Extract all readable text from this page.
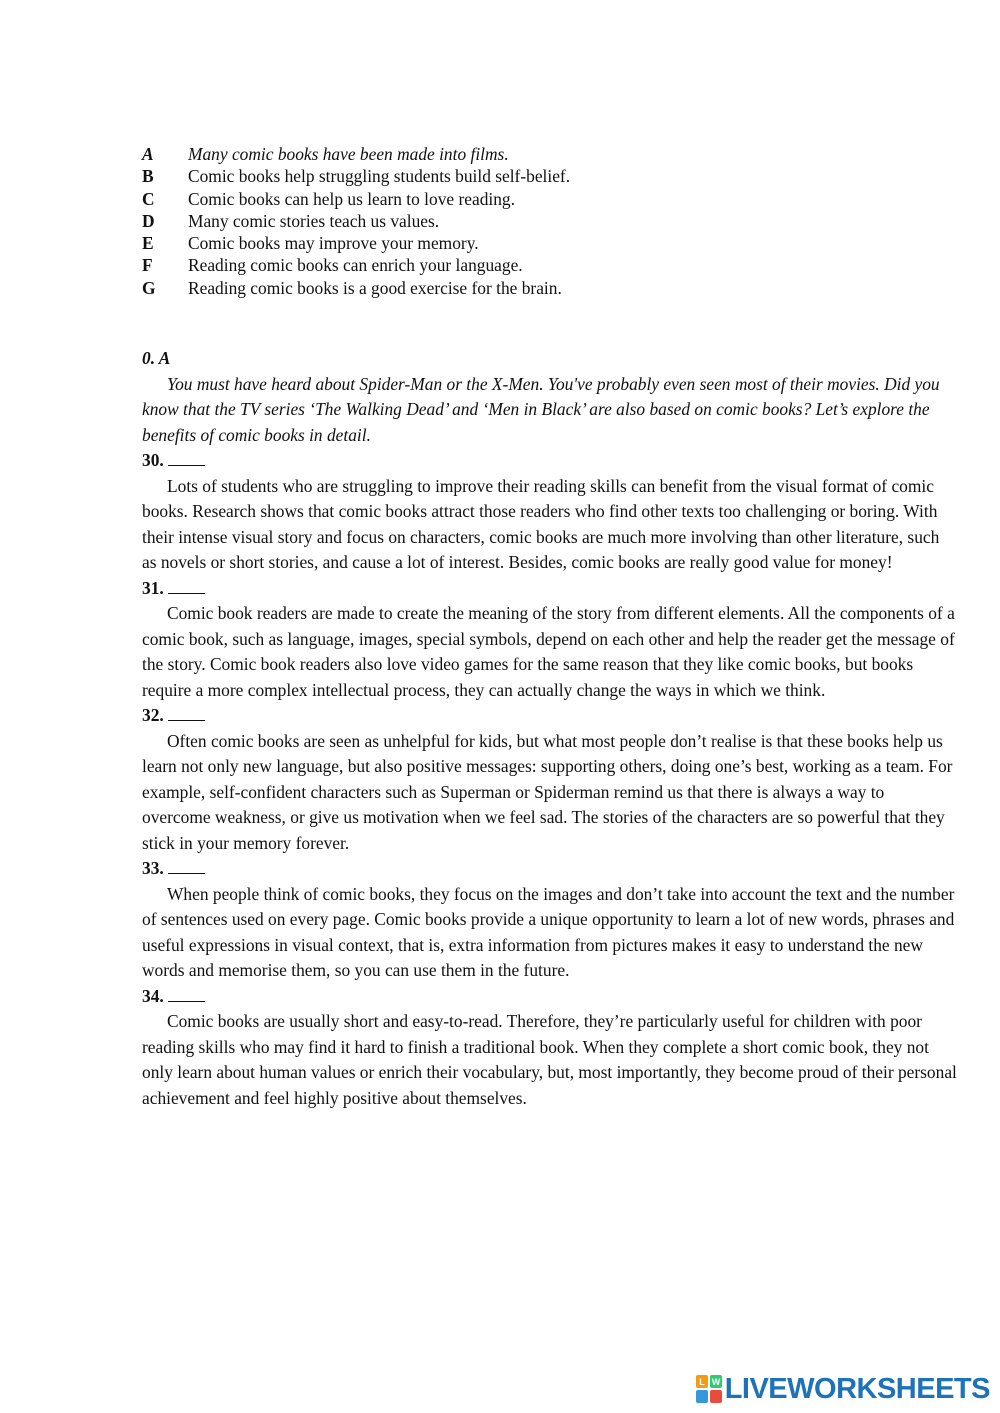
A	Many comic books have been made into films.
B	Comic books help struggling students build self-belief.
C	Comic books can help us learn to love reading.
D	Many comic stories teach us values.
E	Comic books may improve your memory.
F	Reading comic books can enrich your language.
G	Reading comic books is a good exercise for the brain.
0. A

You must have heard about Spider-Man or the X-Men. You've probably even seen most of their movies. Did you know that the TV series ‘The Walking Dead’ and ‘Men in Black’ are also based on comic books? Let’s explore the benefits of comic books in detail.

30.

Lots of students who are struggling to improve their reading skills can benefit from the visual format of comic books. Research shows that comic books attract those readers who find other texts too challenging or boring. With their intense visual story and focus on characters, comic books are much more involving than other literature, such as novels or short stories, and cause a lot of interest. Besides, comic books are really good value for money!

31.

Comic book readers are made to create the meaning of the story from different elements. All the components of a comic book, such as language, images, special symbols, depend on each other and help the reader get the message of the story. Comic book readers also love video games for the same reason that they like comic books, but books require a more complex intellectual process, they can actually change the ways in which we think.

32.

Often comic books are seen as unhelpful for kids, but what most people don’t realise is that these books help us learn not only new language, but also positive messages: supporting others, doing one’s best, working as a team. For example, self-confident characters such as Superman or Spiderman remind us that there is always a way to overcome weakness, or give us motivation when we feel sad. The stories of the characters are so powerful that they stick in your memory forever.

33.

When people think of comic books, they focus on the images and don’t take into account the text and the number of sentences used on every page. Comic books provide a unique opportunity to learn a lot of new words, phrases and useful expressions in visual context, that is, extra information from pictures makes it easy to understand the new words and memorise them, so you can use them in the future.

34.

Comic books are usually short and easy-to-read. Therefore, they’re particularly useful for children with poor reading skills who may find it hard to finish a traditional book. When they complete a short comic book, they not only learn about human values or enrich their vocabulary, but, most importantly, they become proud of their personal achievement and feel highly positive about themselves.

L W LIVEWORKSHEETS
